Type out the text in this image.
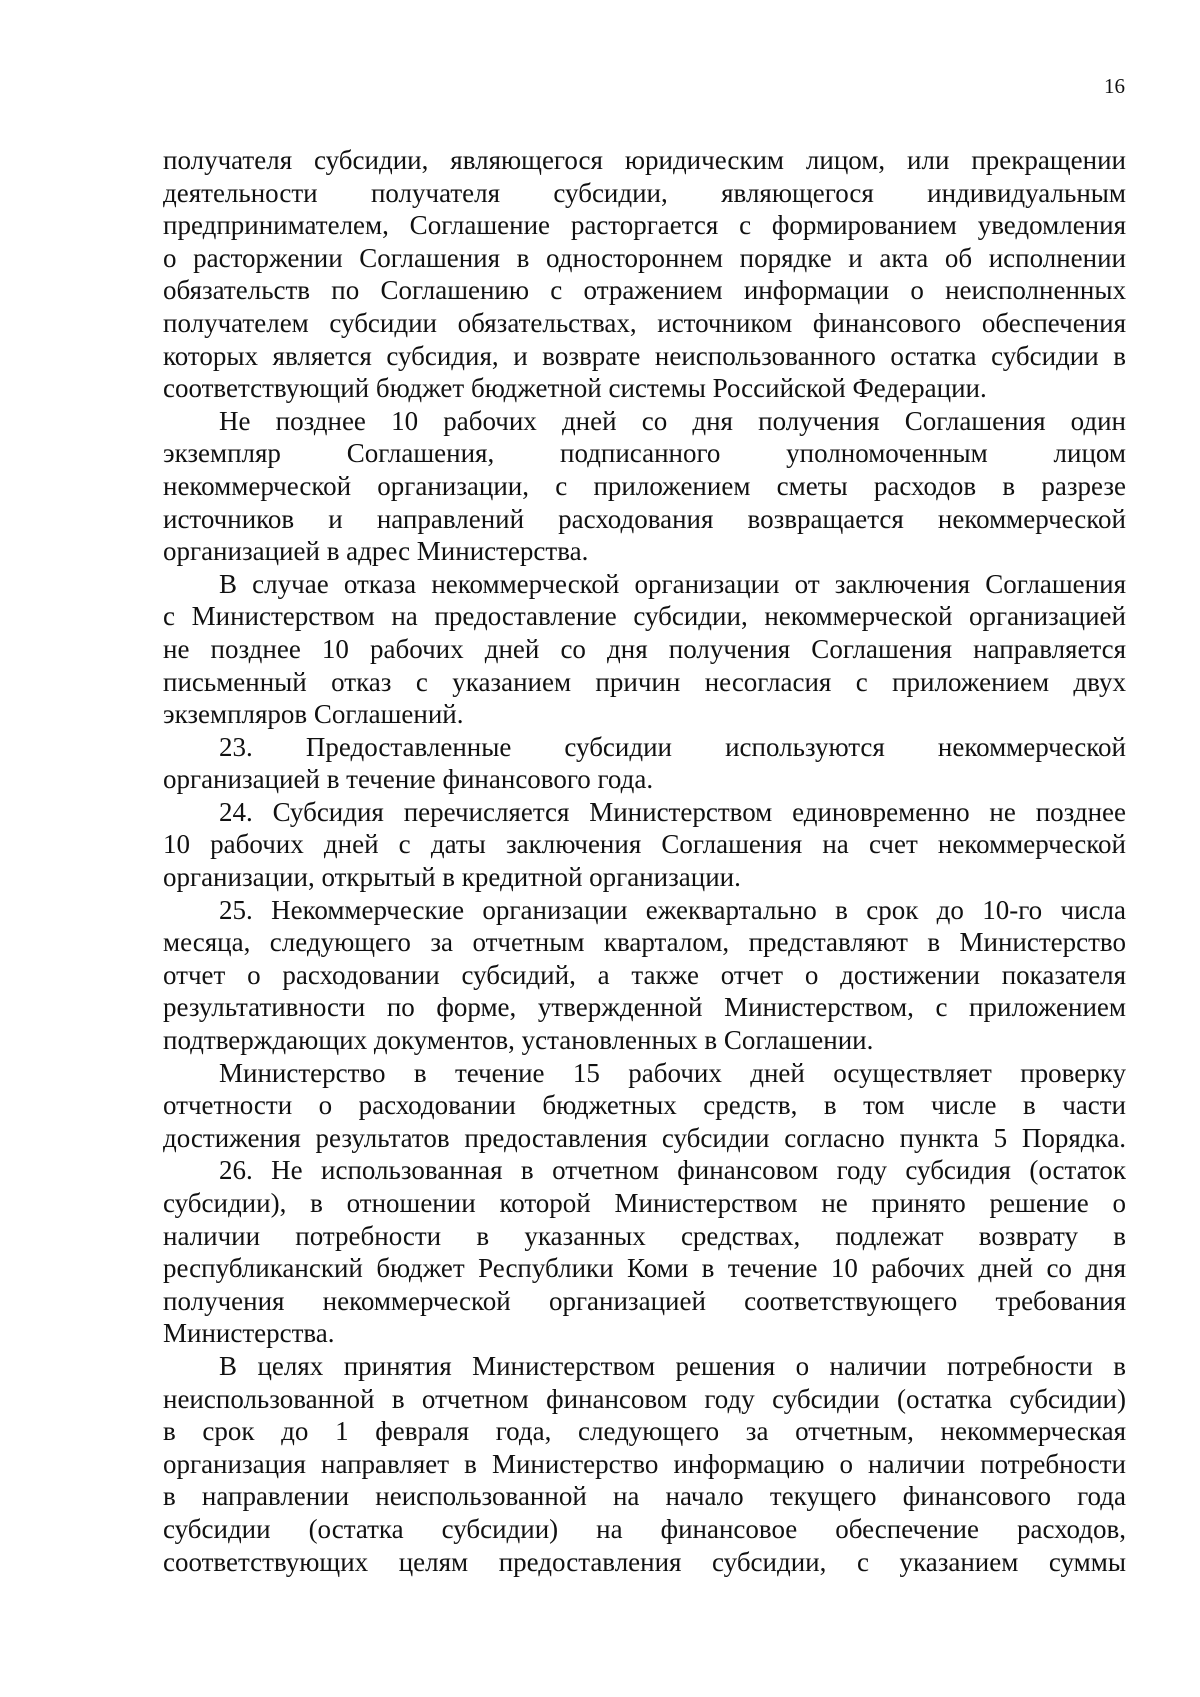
16
получателя субсидии, являющегося юридическим лицом, или прекращении
деятельности получателя субсидии, являющегося индивидуальным
предпринимателем, Соглашение расторгается с формированием уведомления
о расторжении Соглашения в одностороннем порядке и акта об исполнении
обязательств по Соглашению с отражением информации о неисполненных
получателем субсидии обязательствах, источником финансового обеспечения
которых является субсидия, и возврате неиспользованного остатка субсидии в
соответствующий бюджет бюджетной системы Российской Федерации.
Не позднее 10 рабочих дней со дня получения Соглашения один
экземпляр Соглашения, подписанного уполномоченным лицом
некоммерческой организации, с приложением сметы расходов в разрезе
источников и направлений расходования возвращается некоммерческой
организацией в адрес Министерства.
В случае отказа некоммерческой организации от заключения Соглашения
с Министерством на предоставление субсидии, некоммерческой организацией
не позднее 10 рабочих дней со дня получения Соглашения направляется
письменный отказ с указанием причин несогласия с приложением двух
экземпляров Соглашений.
23. Предоставленные субсидии используются некоммерческой
организацией в течение финансового года.
24. Субсидия перечисляется Министерством единовременно не позднее
10 рабочих дней с даты заключения Соглашения на счет некоммерческой
организации, открытый в кредитной организации.
25. Некоммерческие организации ежеквартально в срок до 10-го числа
месяца, следующего за отчетным кварталом, представляют в Министерство
отчет о расходовании субсидий, а также отчет о достижении показателя
результативности по форме, утвержденной Министерством, с приложением
подтверждающих документов, установленных в Соглашении.
Министерство в течение 15 рабочих дней осуществляет проверку
отчетности о расходовании бюджетных средств, в том числе в части
достижения результатов предоставления субсидии согласно пункта 5 Порядка.
26. Не использованная в отчетном финансовом году субсидия (остаток
субсидии), в отношении которой Министерством не принято решение о
наличии потребности в указанных средствах, подлежат возврату в
республиканский бюджет Республики Коми в течение 10 рабочих дней со дня
получения некоммерческой организацией соответствующего требования
Министерства.
В целях принятия Министерством решения о наличии потребности в
неиспользованной в отчетном финансовом году субсидии (остатка субсидии)
в срок до 1 февраля года, следующего за отчетным, некоммерческая
организация направляет в Министерство информацию о наличии потребности
в направлении неиспользованной на начало текущего финансового года
субсидии (остатка субсидии) на финансовое обеспечение расходов,
соответствующих целям предоставления субсидии, с указанием суммы
